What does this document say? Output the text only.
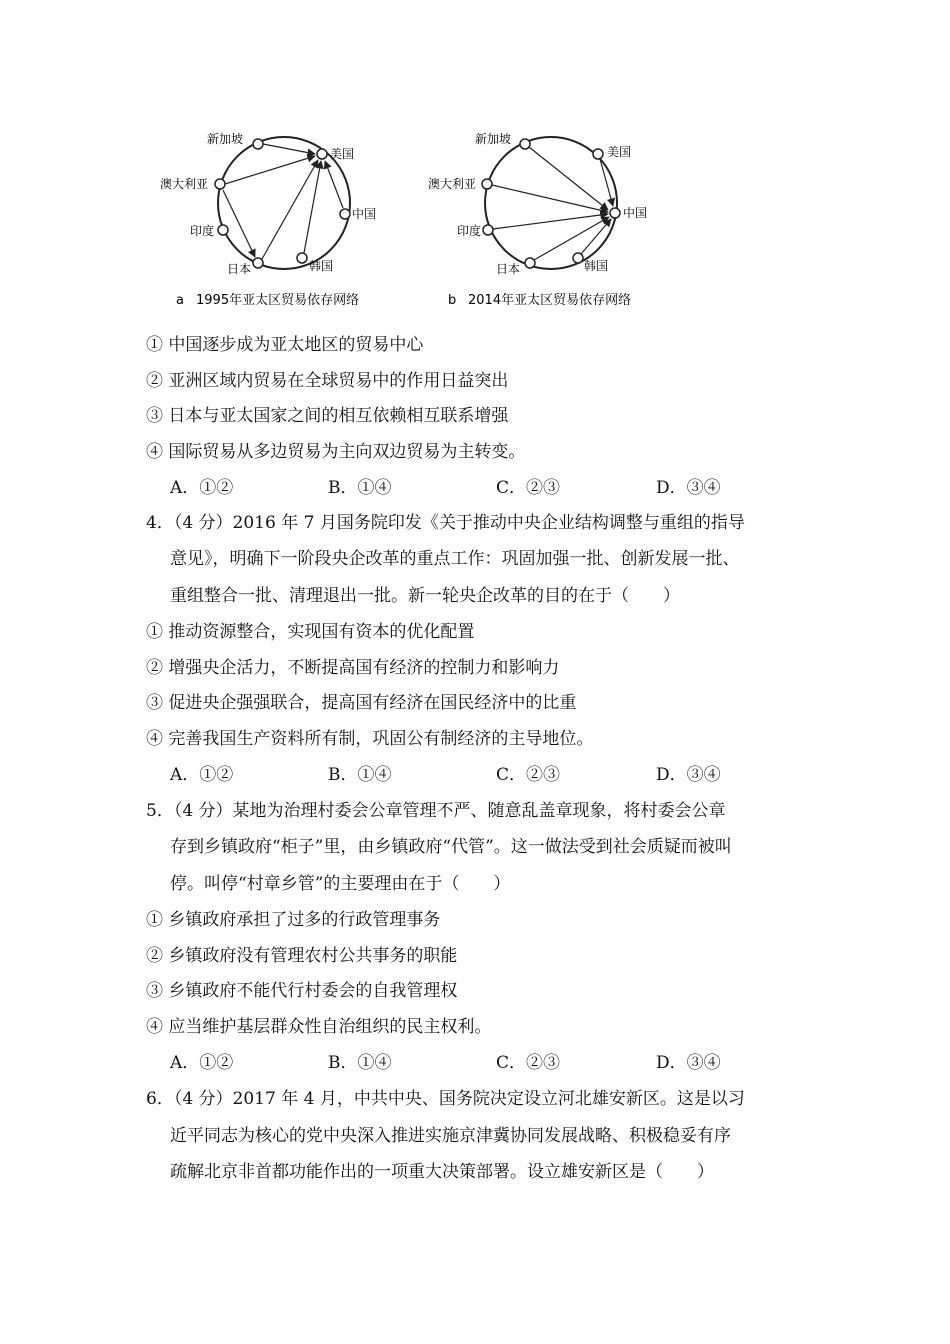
新加坡
澳大利亚
印度
日本	韩国
中国
美国
a 1995年亚太区贸易依存网络
新加坡
澳大利亚
印度
日本	韩国
中国
美国
b 2014年亚太区贸易依存网络
① 中国逐步成为亚太地区的贸易中心
② 亚洲区域内贸易在全球贸易中的作用日益突出
③ 日本与亚太国家之间的相互依赖相互联系增强
④ 国际贸易从多边贸易为主向双边贸易为主转变。
A．①②	B．①④	C．②③	D．③④
4．（4 分）2016 年 7 月国务院印发《关于推动中央企业结构调整与重组的指导
意见》，明确下一阶段央企改革的重点工作：巩固加强一批、创新发展一批、
重组整合一批、清理退出一批。新一轮央企改革的目的在于（　　）
① 推动资源整合，实现国有资本的优化配置
② 增强央企活力，不断提高国有经济的控制力和影响力
③ 促进央企强强联合，提高国有经济在国民经济中的比重
④ 完善我国生产资料所有制，巩固公有制经济的主导地位。
A．①②	B．①④	C．②③	D．③④
5．（4 分）某地为治理村委会公章管理不严、随意乱盖章现象，将村委会公章
存到乡镇政府“柜子”里，由乡镇政府“代管”。这一做法受到社会质疑而被叫
停。叫停“村章乡管”的主要理由在于（　　）
① 乡镇政府承担了过多的行政管理事务
② 乡镇政府没有管理农村公共事务的职能
③ 乡镇政府不能代行村委会的自我管理权
④ 应当维护基层群众性自治组织的民主权利。
A．①②	B．①④	C．②③	D．③④
6．（4 分）2017 年 4 月，中共中央、国务院决定设立河北雄安新区。这是以习
近平同志为核心的党中央深入推进实施京津冀协同发展战略、积极稳妥有序
疏解北京非首都功能作出的一项重大决策部署。设立雄安新区是（　　）
